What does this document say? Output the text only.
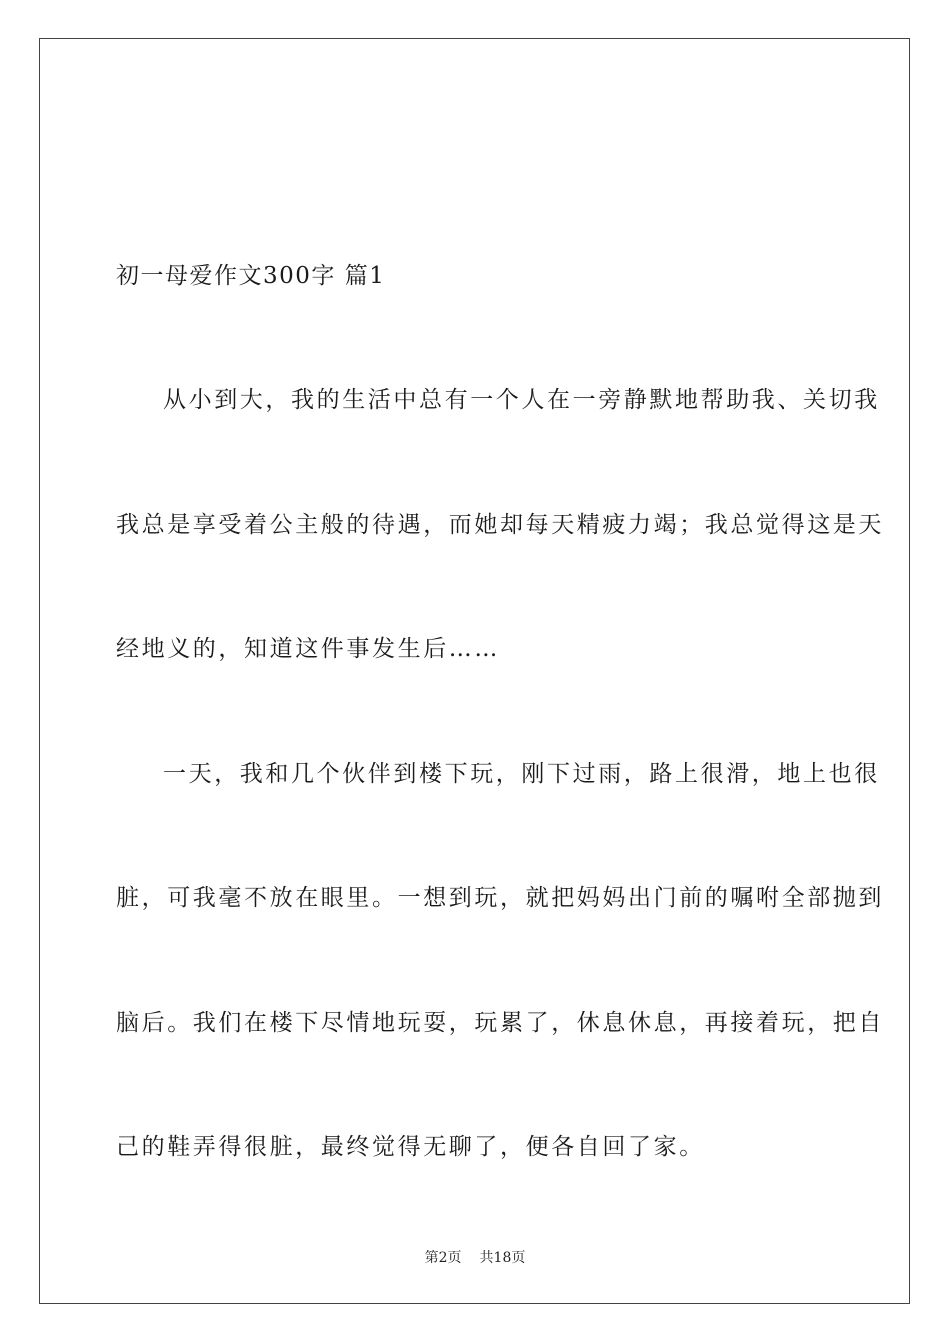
初一母爱作文300字 篇1
从小到大，我的生活中总有一个人在一旁静默地帮助我、关切我
我总是享受着公主般的待遇，而她却每天精疲力竭；我总觉得这是天
经地义的，知道这件事发生后……
一天，我和几个伙伴到楼下玩，刚下过雨，路上很滑，地上也很
脏，可我毫不放在眼里。一想到玩，就把妈妈出门前的嘱咐全部抛到
脑后。我们在楼下尽情地玩耍，玩累了，休息休息，再接着玩，把自
己的鞋弄得很脏，最终觉得无聊了，便各自回了家。
第2页 共18页
